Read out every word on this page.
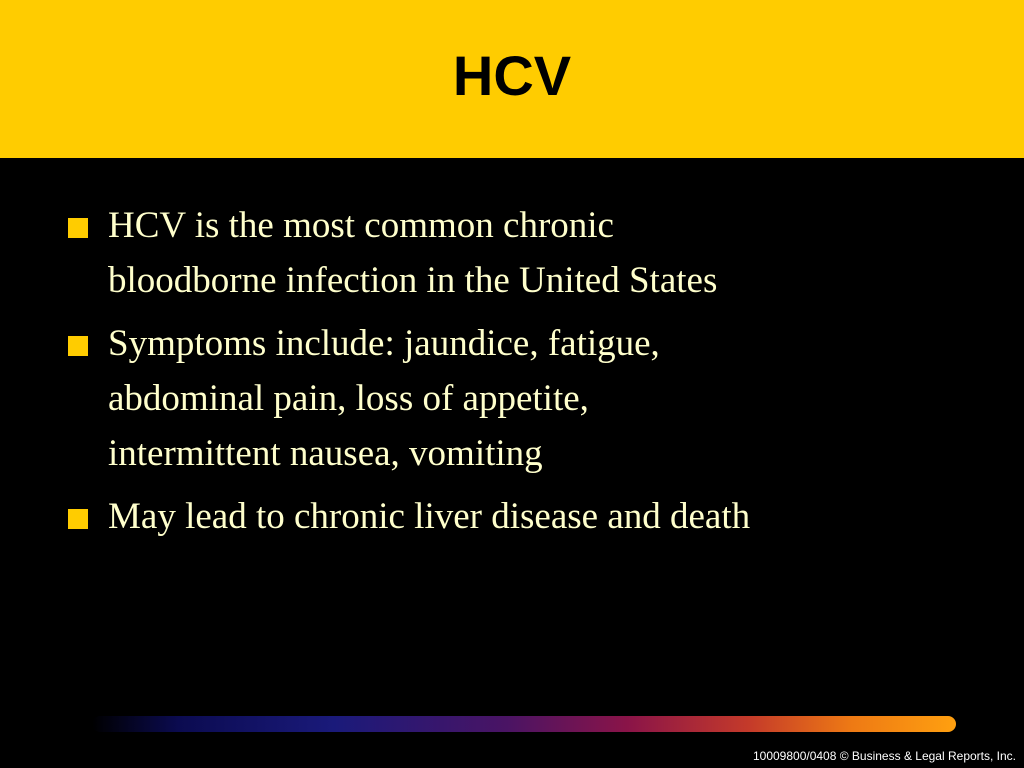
HCV
HCV is the most common chronic
bloodborne infection in the United States
Symptoms include: jaundice, fatigue,
abdominal pain, loss of appetite,
intermittent nausea, vomiting
May lead to chronic liver disease and death
10009800/0408 © Business & Legal Reports, Inc.
